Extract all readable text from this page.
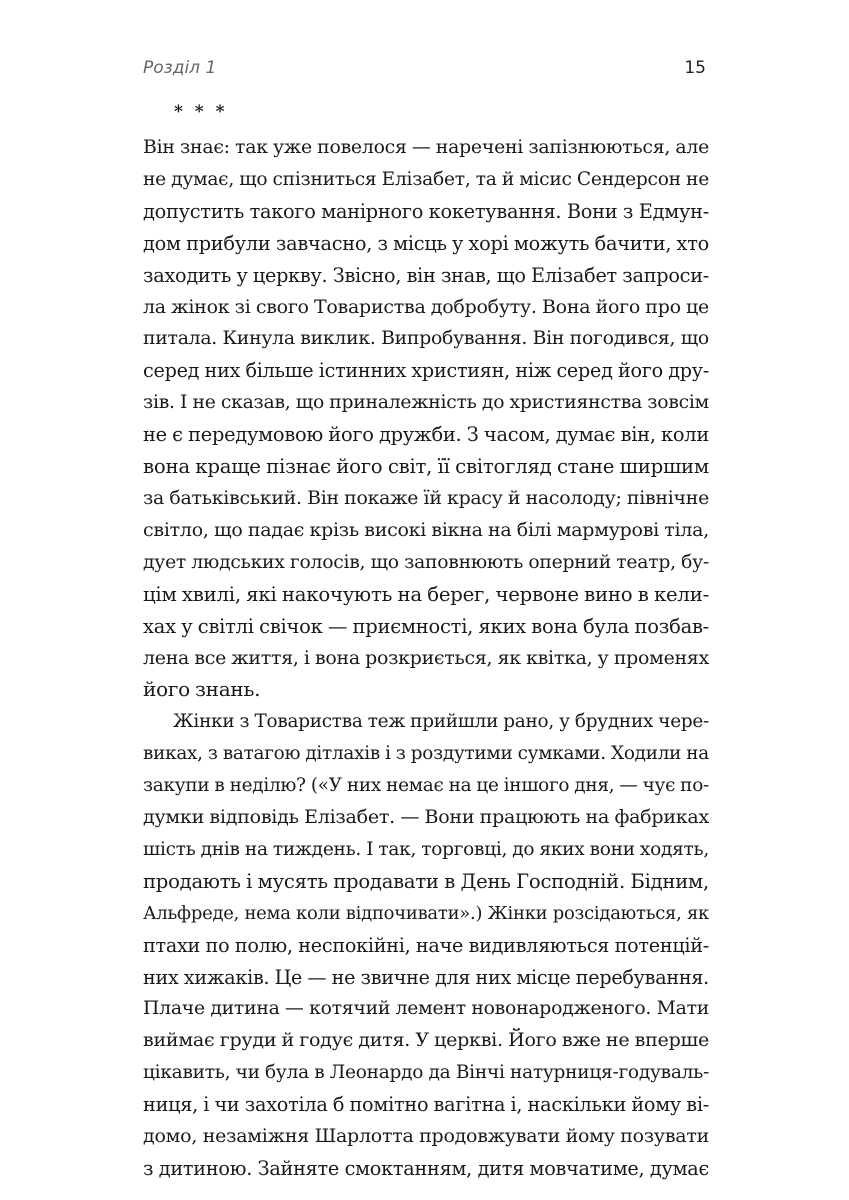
Розділ 1	15
* * *
Він знає: так уже повелося — наречені запізнюються, але
не думає, що спізниться Елізабет, та й місис Сендерсон не
допустить такого манірного кокетування. Вони з Едмун-
дом прибули завчасно, з місць у хорі можуть бачити, хто
заходить у церкву. Звісно, він знав, що Елізабет запроси-
ла жінок зі свого Товариства добробуту. Вона його про це
питала. Кинула виклик. Випробування. Він погодився, що
серед них більше істинних християн, ніж серед його дру-
зів. І не сказав, що приналежність до християнства зовсім
не є передумовою його дружби. З часом, думає він, коли
вона краще пізнає його світ, її світогляд стане ширшим
за батьківський. Він покаже їй красу й насолоду; північне
світло, що падає крізь високі вікна на білі мармурові тіла,
дует людських голосів, що заповнюють оперний театр, бу-
цім хвилі, які накочують на берег, червоне вино в кели-
хах у світлі свічок — приємності, яких вона була позбав-
лена все життя, і вона розкриється, як квітка, у променях
його знань.
Жінки з Товариства теж прийшли рано, у брудних чере-
виках, з ватагою дітлахів і з роздутими сумками. Ходили на
закупи в неділю? («У них немає на це іншого дня, — чує по-
думки відповідь Елізабет. — Вони працюють на фабриках
шість днів на тиждень. І так, торговці, до яких вони ходять,
продають і мусять продавати в День Господній. Бідним,
Альфреде, нема коли відпочивати».) Жінки розсідаються, як
птахи по полю, неспокійні, наче видивляються потенцій-
них хижаків. Це — не звичне для них місце перебування.
Плаче дитина — котячий лемент новонародженого. Мати
виймає груди й годує дитя. У церкві. Його вже не вперше
цікавить, чи була в Леонардо да Вінчі натурниця-годуваль-
ниця, і чи захотіла б помітно вагітна і, наскільки йому ві-
домо, незаміжня Шарлотта продовжувати йому позувати
з дитиною. Зайняте смоктанням, дитя мовчатиме, думає
